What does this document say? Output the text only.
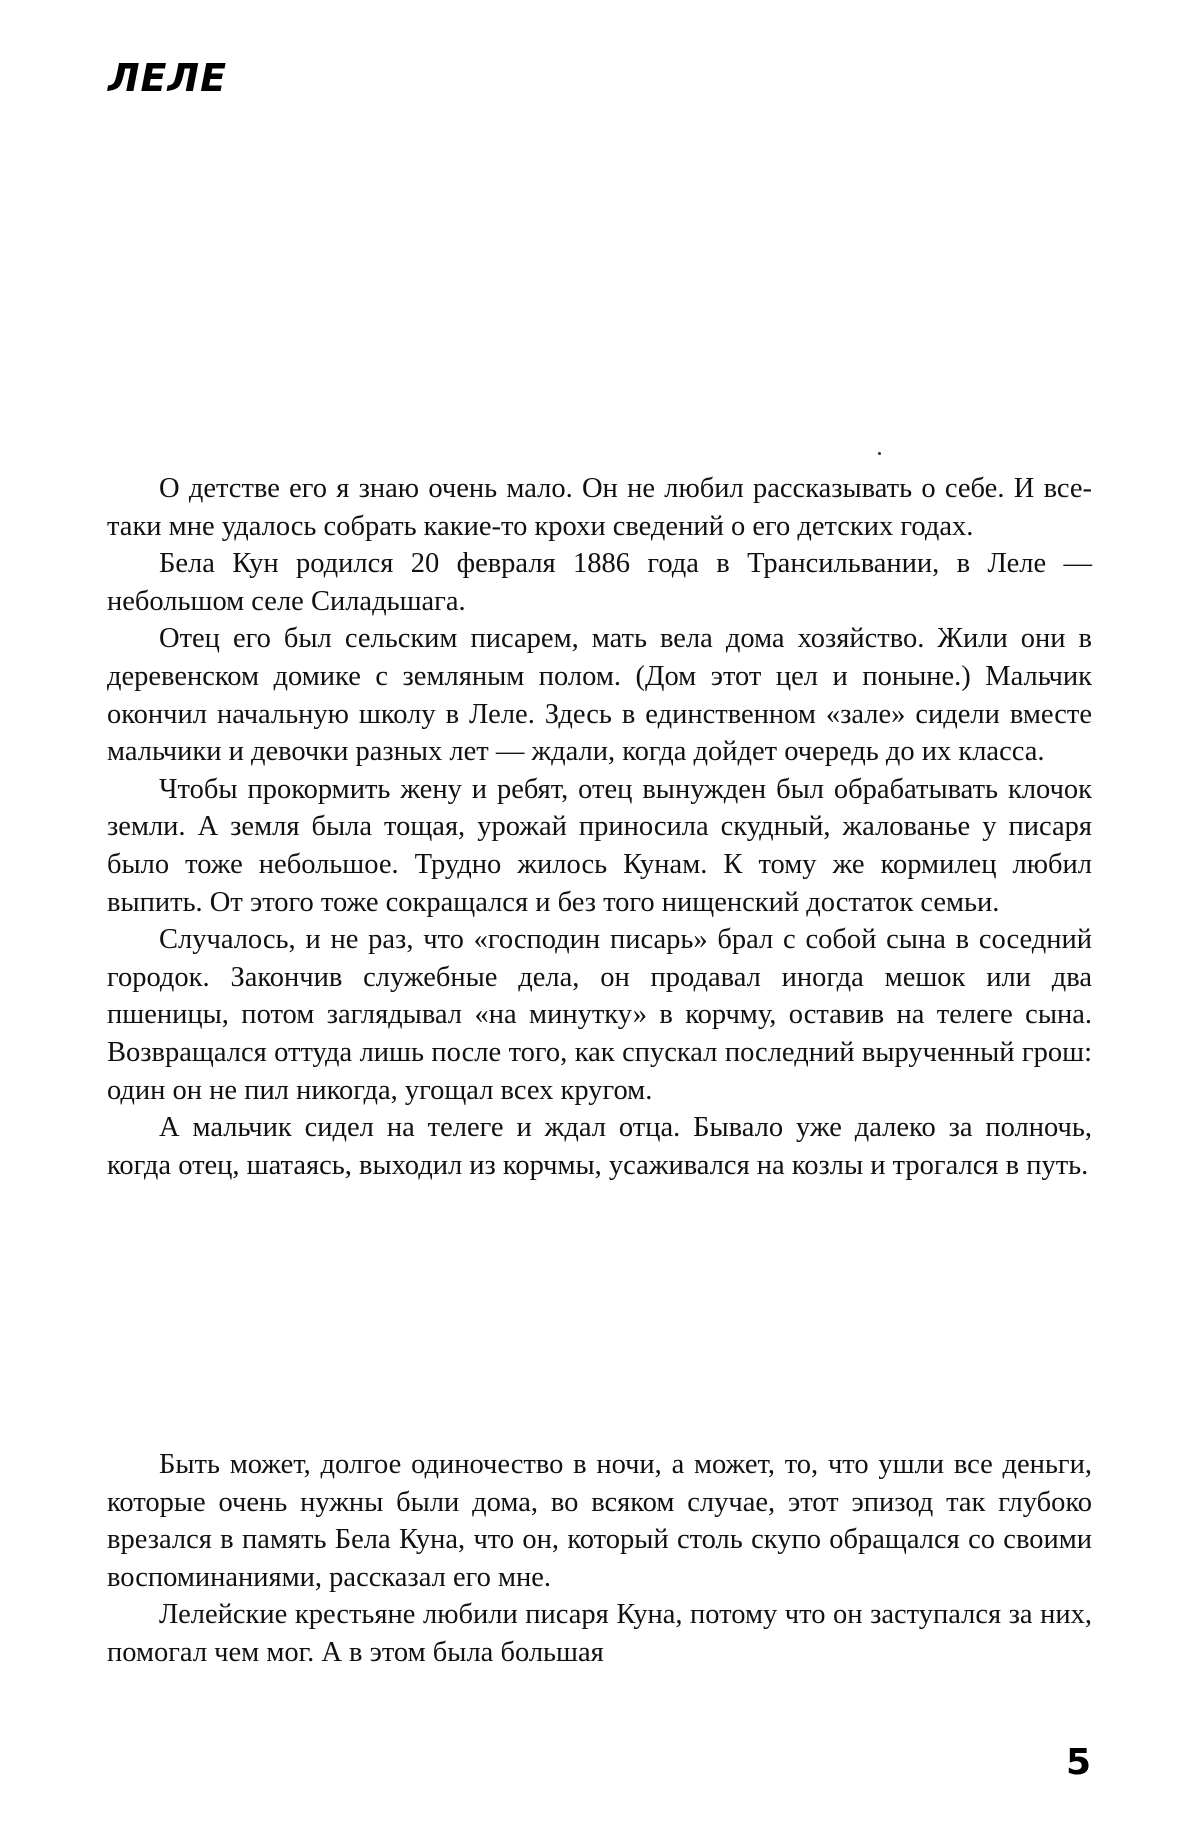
ЛЕЛЕ

О детстве его я знаю очень мало. Он не любил рассказывать о себе. И все-таки мне удалось собрать какие-то крохи сведений о его детских годах.

Бела Кун родился 20 февраля 1886 года в Трансильвании, в Леле — небольшом селе Силадьшага.

Отец его был сельским писарем, мать вела дома хозяйство. Жили они в деревенском домике с земляным полом. (Дом этот цел и поныне.) Мальчик окончил начальную школу в Леле. Здесь в единственном «зале» сидели вместе мальчики и девочки разных лет — ждали, когда дойдет очередь до их класса.

Чтобы прокормить жену и ребят, отец вынужден был обрабатывать клочок земли. А земля была тощая, урожай приносила скудный, жалованье у писаря было тоже небольшое. Трудно жилось Кунам. К тому же кормилец любил выпить. От этого тоже сокращался и без того нищенский достаток семьи.

Случалось, и не раз, что «господин писарь» брал с собой сына в соседний городок. Закончив служебные дела, он продавал иногда мешок или два пшеницы, потом заглядывал «на минутку» в корчму, оставив на телеге сына. Возвращался оттуда лишь после того, как спускал последний вырученный грош: один он не пил никогда, угощал всех кругом.

А мальчик сидел на телеге и ждал отца. Бывало уже далеко за полночь, когда отец, шатаясь, выходил из корчмы, усаживался на козлы и трогался в путь.

Быть может, долгое одиночество в ночи, а может, то, что ушли все деньги, которые очень нужны были дома, во всяком случае, этот эпизод так глубоко врезался в память Бела Куна, что он, который столь скупо обращался со своими воспоминаниями, рассказал его мне.

Лелейские крестьяне любили писаря Куна, потому что он заступался за них, помогал чем мог. А в этом была большая

5
